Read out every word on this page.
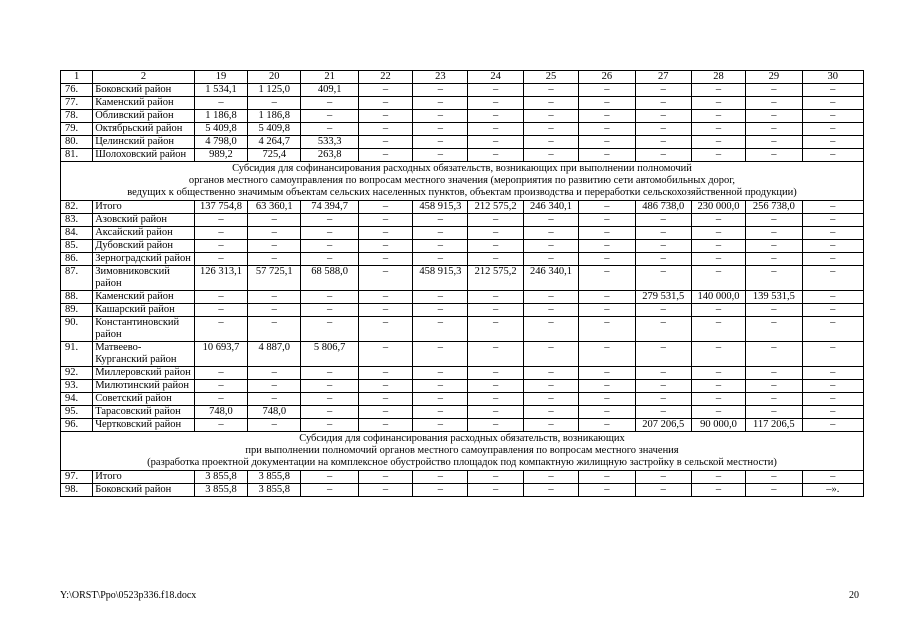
1	2	19	20	21	22	23	24	25	26	27	28	29	30
76.	Боковский район	1 534,1	1 125,0	409,1	–	–	–	–	–	–	–	–	–
77.	Каменский район	–	–	–	–	–	–	–	–	–	–	–	–
78.	Обливский район	1 186,8	1 186,8	–	–	–	–	–	–	–	–	–	–
79.	Октябрьский район	5 409,8	5 409,8	–	–	–	–	–	–	–	–	–	–
80.	Целинский район	4 798,0	4 264,7	533,3	–	–	–	–	–	–	–	–	–
81.	Шолоховский район	989,2	725,4	263,8	–	–	–	–	–	–	–	–	–

Субсидия для софинансирования расходных обязательств, возникающих при выполнении полномочий
органов местного самоуправления по вопросам местного значения (мероприятия по развитию сети автомобильных дорог,
ведущих к общественно значимым объектам сельских населенных пунктов, объектам производства и переработки сельскохозяйственной продукции)													

82.	Итого	137 754,8	63 360,1	74 394,7	–	458 915,3	212 575,2	246 340,1	–	486 738,0	230 000,0	256 738,0	–
83.	Азовский район	–	–	–	–	–	–	–	–	–	–	–	–
84.	Аксайский район	–	–	–	–	–	–	–	–	–	–	–	–
85.	Дубовский район	–	–	–	–	–	–	–	–	–	–	–	–
86.	Зерноградский район	–	–	–	–	–	–	–	–	–	–	–	–
87.	Зимовниковский район	126 313,1	57 725,1	68 588,0	–	458 915,3	212 575,2	246 340,1	–	–	–	–	–
88.	Каменский район	–	–	–	–	–	–	–	–	279 531,5	140 000,0	139 531,5	–
89.	Кашарский район	–	–	–	–	–	–	–	–	–	–	–	–
90.	Константиновский район	–	–	–	–	–	–	–	–	–	–	–	–
91.	Матвеево-Курганский район	10 693,7	4 887,0	5 806,7	–	–	–	–	–	–	–	–	–
92.	Миллеровский район	–	–	–	–	–	–	–	–	–	–	–	–
93.	Милютинский район	–	–	–	–	–	–	–	–	–	–	–	–
94.	Советский район	–	–	–	–	–	–	–	–	–	–	–	–
95.	Тарасовский район	748,0	748,0	–	–	–	–	–	–	–	–	–	–
96.	Чертковский район	–	–	–	–	–	–	–	–	207 206,5	90 000,0	117 206,5	–

Субсидия для софинансирования расходных обязательств, возникающих
при выполнении полномочий органов местного самоуправления по вопросам местного значения
(разработка проектной документации на комплексное обустройство площадок под компактную жилищную застройку в сельской местности)													

97.	Итого	3 855,8	3 855,8	–	–	–	–	–	–	–	–	–	–
98.	Боковский район	3 855,8	3 855,8	–	–	–	–	–	–	–	–	–	–».
Y:\ORST\Ppo\0523p336.f18.docx	20
